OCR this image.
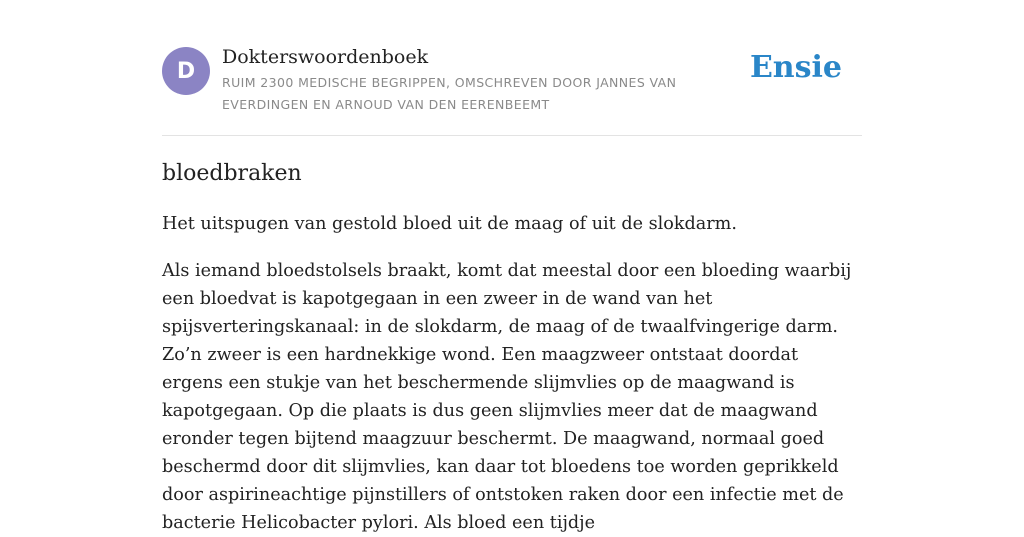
D
Dokterswoordenboek
RUIM 2300 MEDISCHE BEGRIPPEN, OMSCHREVEN DOOR JANNES VAN EVERDINGEN EN ARNOUD VAN DEN EERENBEEMT
Ensie
bloedbraken

Het uitspugen van gestold bloed uit de maag of uit de slokdarm.

Als iemand bloedstolsels braakt, komt dat meestal door een bloeding waarbij een bloedvat is kapotgegaan in een zweer in de wand van het spijsverteringskanaal: in de slokdarm, de maag of de twaalfvingerige darm. Zo’n zweer is een hardnekkige wond. Een maagzweer ontstaat doordat ergens een stukje van het beschermende slijmvlies op de maagwand is kapotgegaan. Op die plaats is dus geen slijmvlies meer dat de maagwand eronder tegen bijtend maagzuur beschermt. De maagwand, normaal goed beschermd door dit slijmvlies, kan daar tot bloedens toe worden geprikkeld door aspirineachtige pijnstillers of ontstoken raken door een infectie met de bacterie Helicobacter pylori. Als bloed een tijdje
